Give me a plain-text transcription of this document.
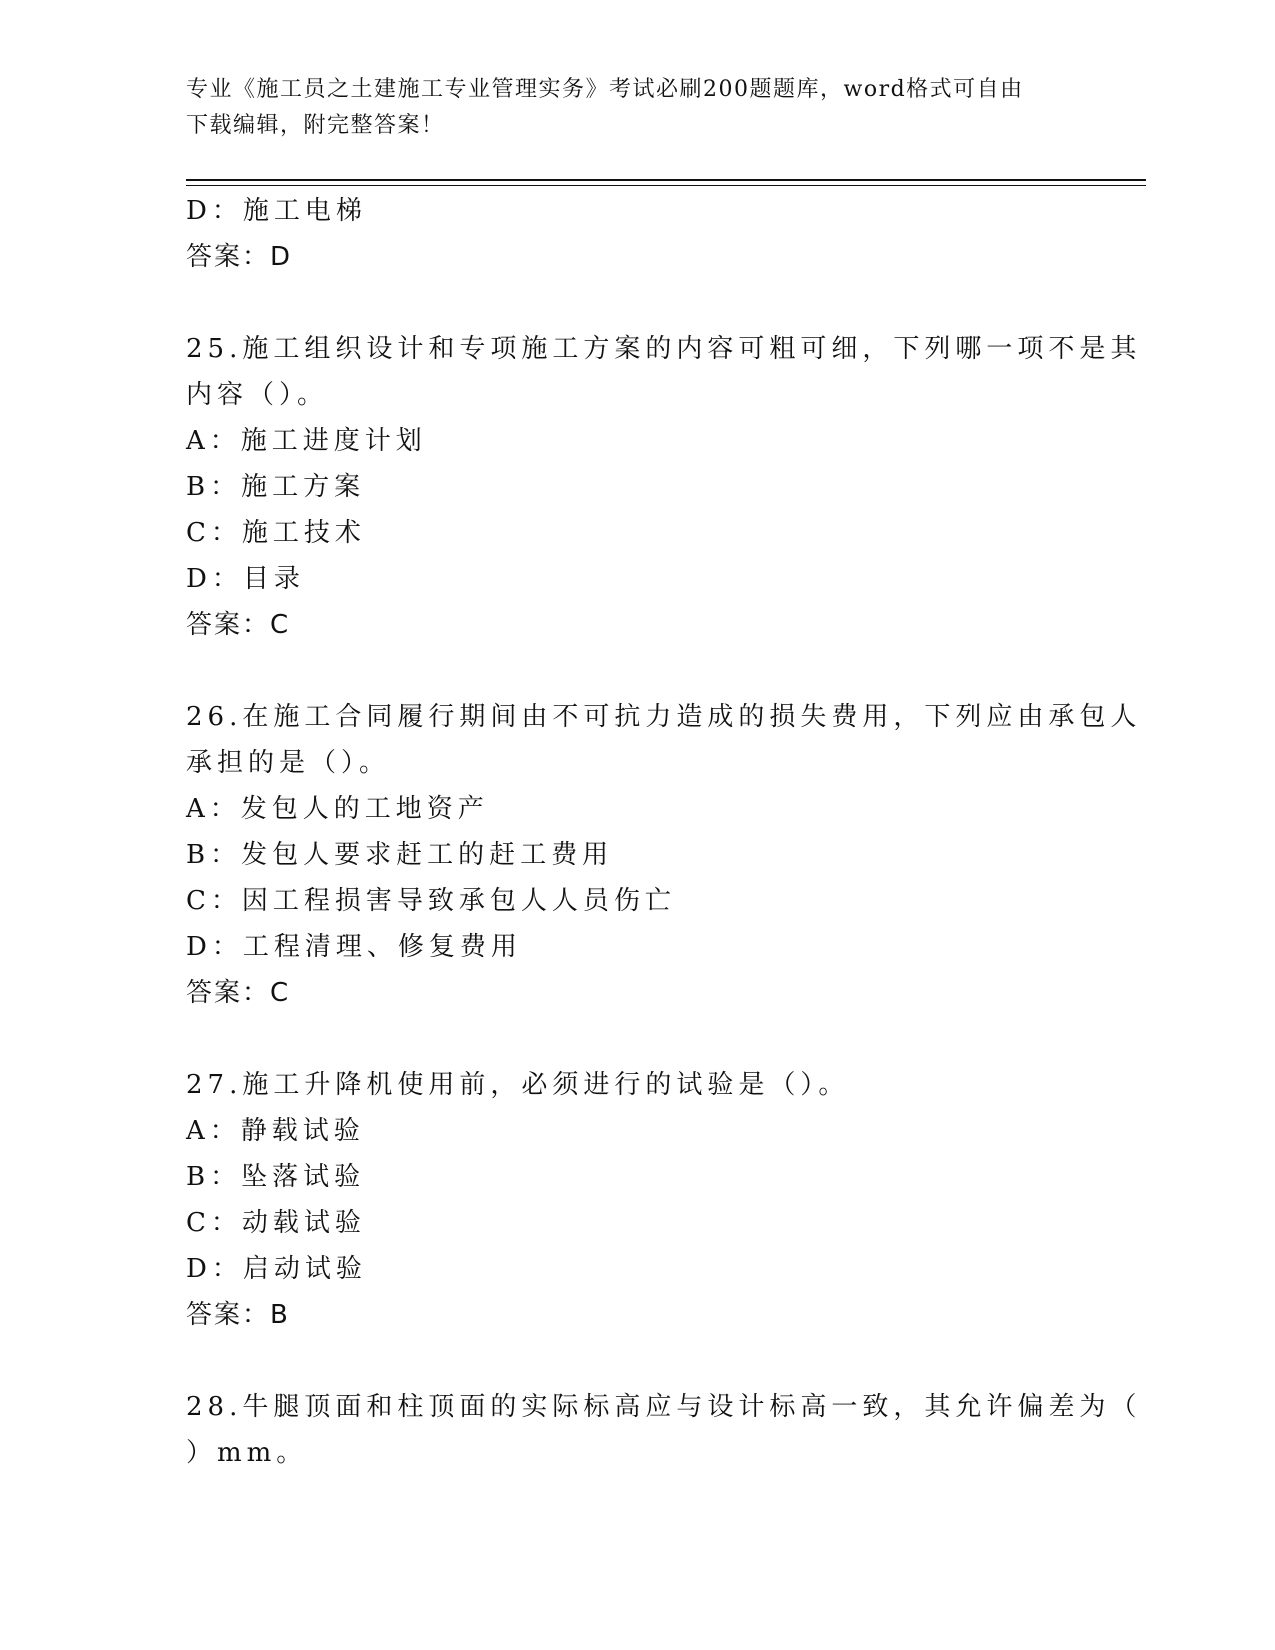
专业《施工员之土建施工专业管理实务》考试必刷200题题库，word格式可自由
下载编辑，附完整答案！
D：施工电梯
答案：D
25.施工组织设计和专项施工方案的内容可粗可细，下列哪一项不是其
内容（）。
A：施工进度计划
B：施工方案
C：施工技术
D：目录
答案：C
26.在施工合同履行期间由不可抗力造成的损失费用，下列应由承包人
承担的是（）。
A：发包人的工地资产
B：发包人要求赶工的赶工费用
C：因工程损害导致承包人人员伤亡
D：工程清理、修复费用
答案：C
27.施工升降机使用前，必须进行的试验是（）。
A：静载试验
B：坠落试验
C：动载试验
D：启动试验
答案：B
28.牛腿顶面和柱顶面的实际标高应与设计标高一致，其允许偏差为（
）mm。
